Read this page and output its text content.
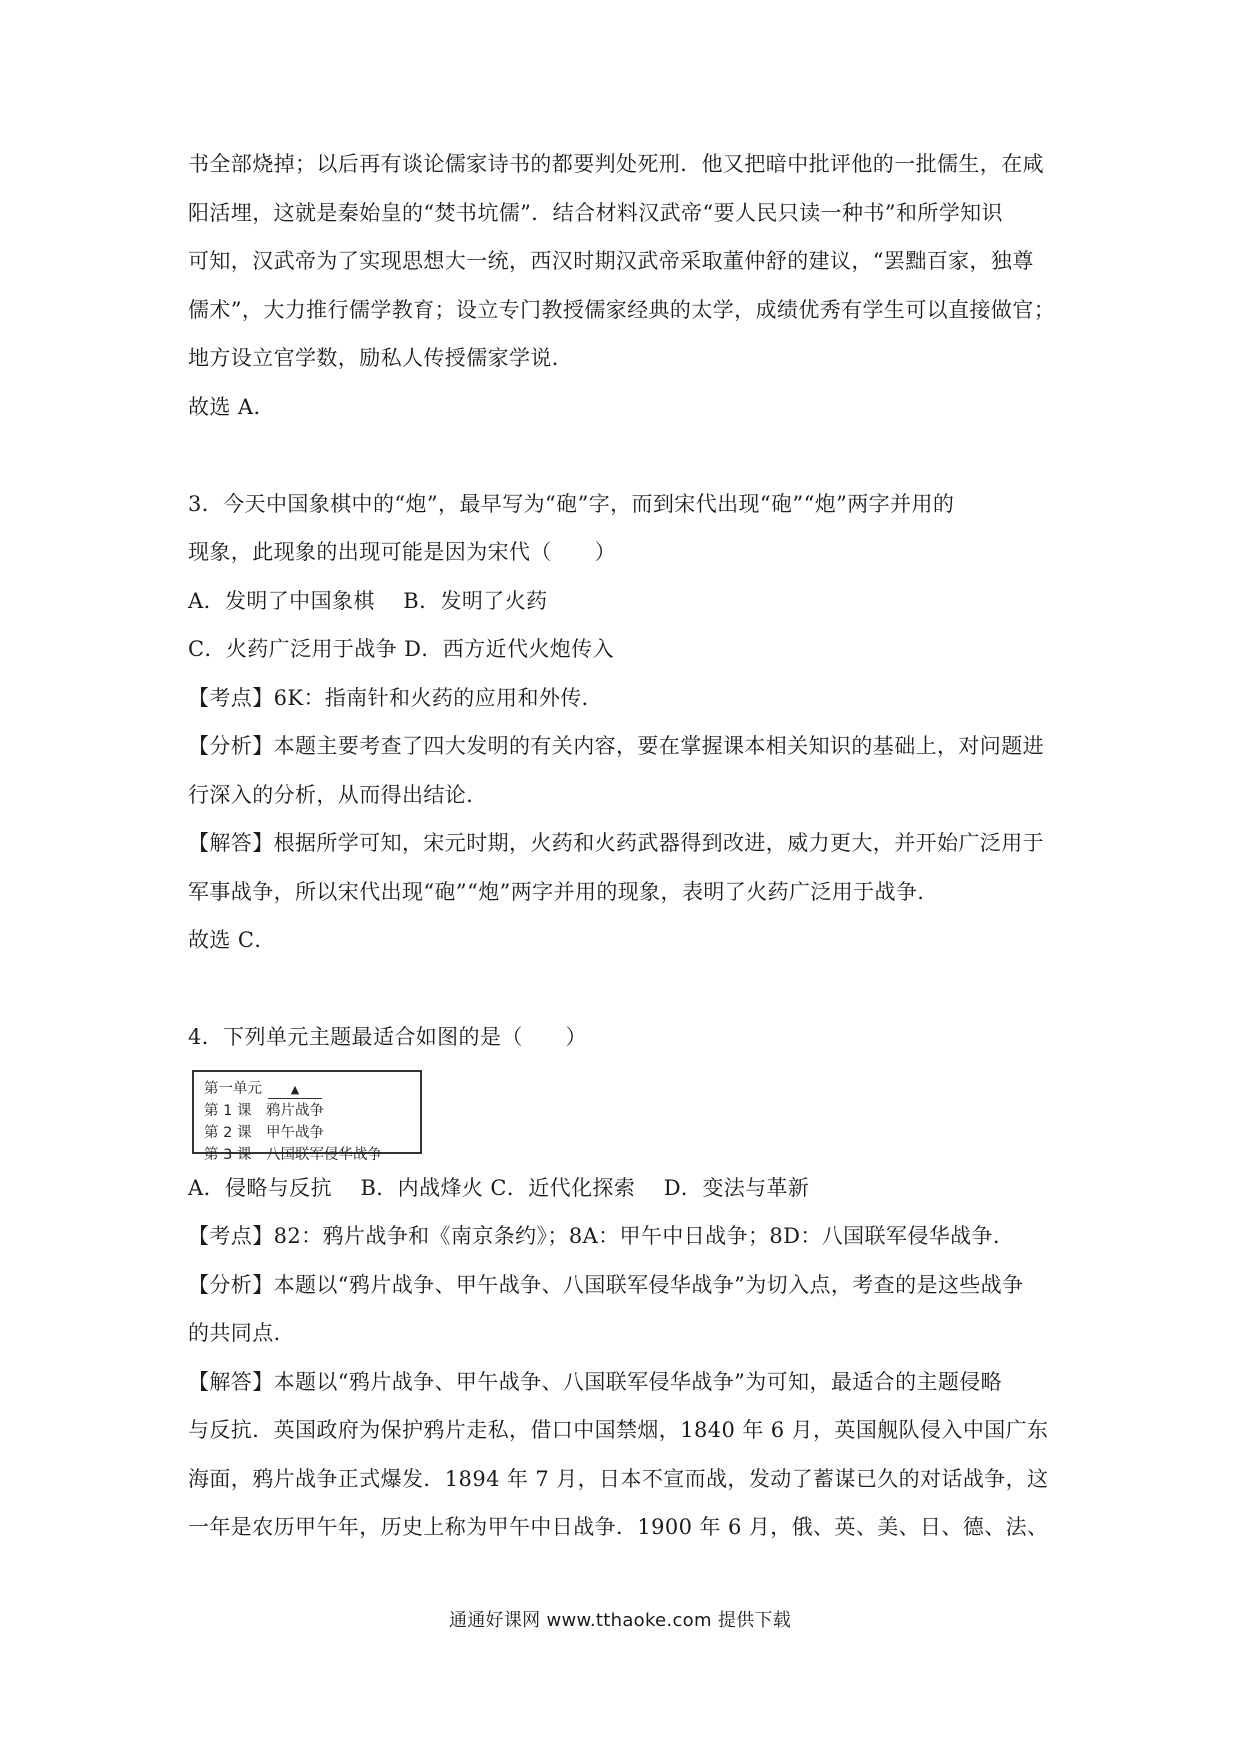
书全部烧掉；以后再有谈论儒家诗书的都要判处死刑．他又把暗中批评他的一批儒生，在咸
阳活埋，这就是秦始皇的“焚书坑儒”．结合材料汉武帝“要人民只读一种书”和所学知识
可知，汉武帝为了实现思想大一统，西汉时期汉武帝采取董仲舒的建议，“罢黜百家，独尊
儒术”，大力推行儒学教育；设立专门教授儒家经典的太学，成绩优秀有学生可以直接做官；
地方设立官学数，励私人传授儒家学说．
故选 A．
3．今天中国象棋中的“炮”，最早写为“砲”字，而到宋代出现“砲”“炮”两字并用的
现象，此现象的出现可能是因为宋代（　　）
A．发明了中国象棋　 B．发明了火药
C．火药广泛用于战争 D．西方近代火炮传入
【考点】6K：指南针和火药的应用和外传．
【分析】本题主要考查了四大发明的有关内容，要在掌握课本相关知识的基础上，对问题进
行深入的分析，从而得出结论．
【解答】根据所学可知，宋元时期，火药和火药武器得到改进，威力更大，并开始广泛用于
军事战争，所以宋代出现“砲”“炮”两字并用的现象，表明了火药广泛用于战争．
故选 C．
4．下列单元主题最适合如图的是（　　）
第一单元	▲
第 1 课　鸦片战争
第 2 课　甲午战争
第 3 课　八国联军侵华战争
A．侵略与反抗　 B．内战烽火 C．近代化探索　 D．变法与革新
【考点】82：鸦片战争和《南京条约》；8A：甲午中日战争；8D：八国联军侵华战争．
【分析】本题以“鸦片战争、甲午战争、八国联军侵华战争”为切入点，考查的是这些战争
的共同点．
【解答】本题以“鸦片战争、甲午战争、八国联军侵华战争”为可知，最适合的主题侵略
与反抗．英国政府为保护鸦片走私，借口中国禁烟，1840 年 6 月，英国舰队侵入中国广东
海面，鸦片战争正式爆发．1894 年 7 月，日本不宣而战，发动了蓄谋已久的对话战争，这
一年是农历甲午年，历史上称为甲午中日战争．1900 年 6 月，俄、英、美、日、德、法、
通通好课网 www.tthaoke.com 提供下载
